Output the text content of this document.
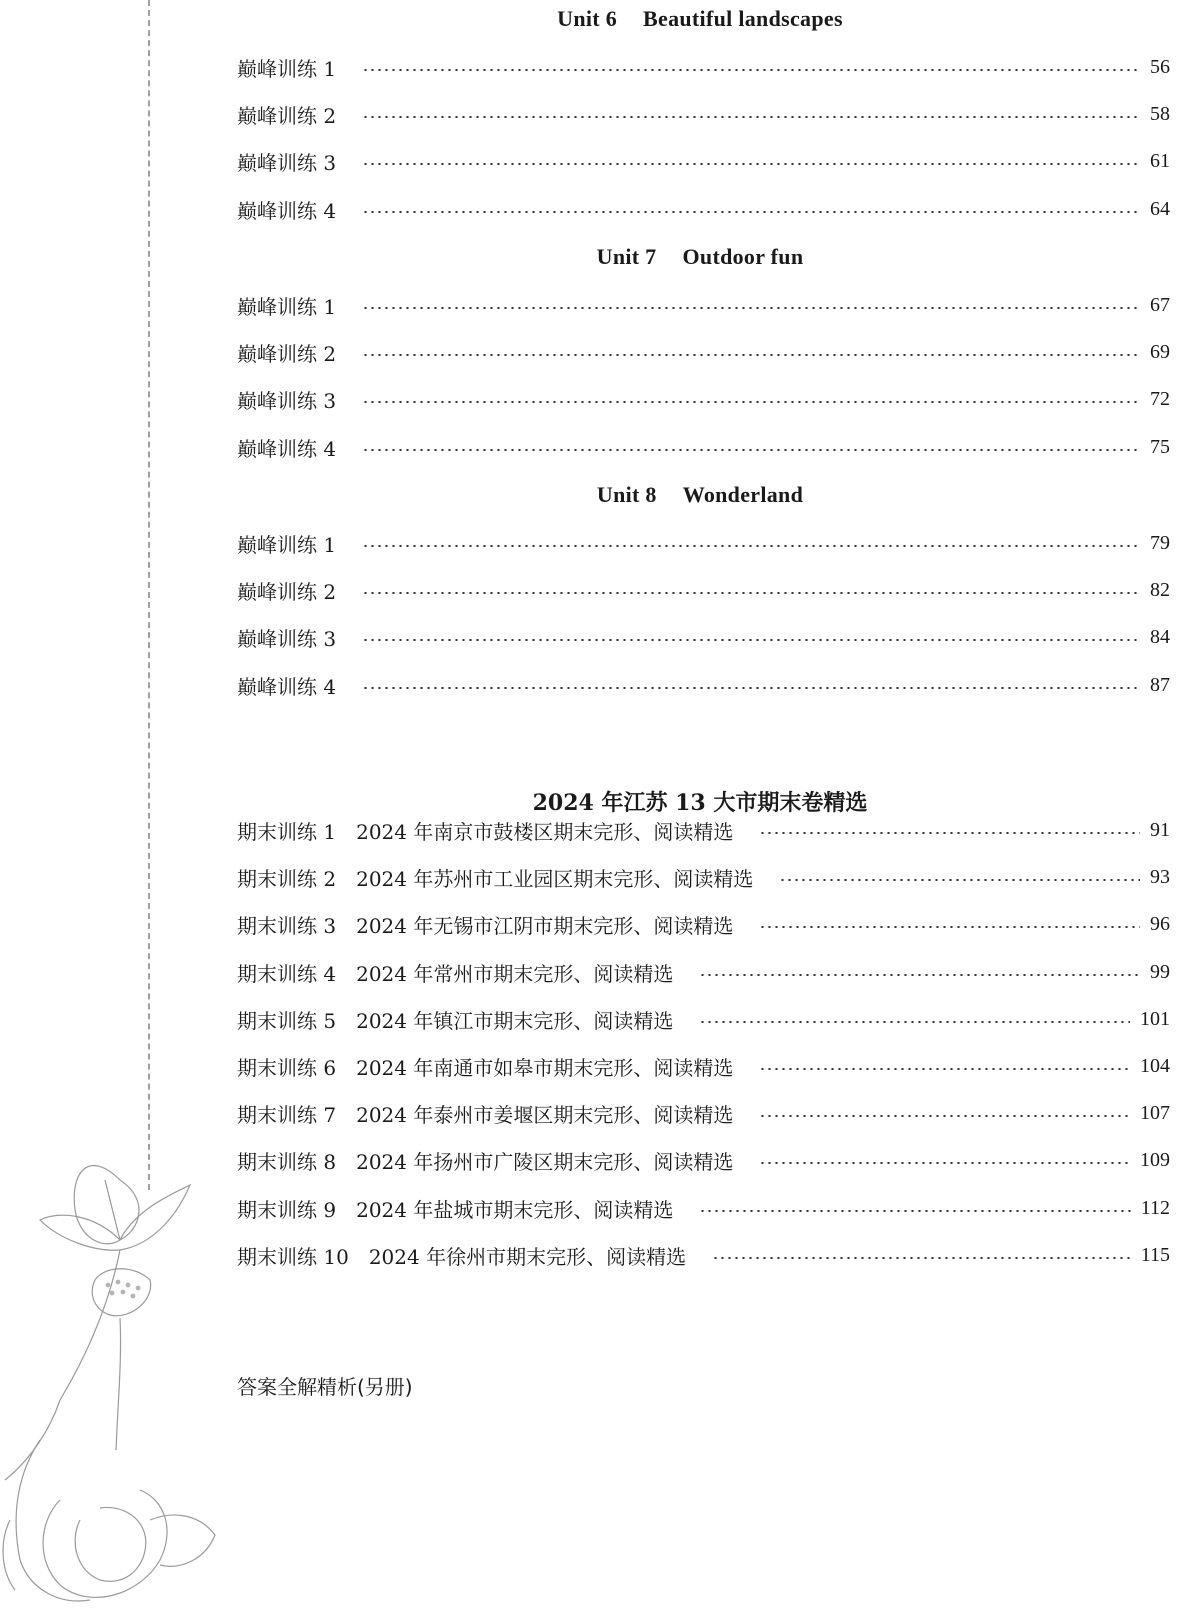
Unit 6 Beautiful landscapes
巅峰训练 1	56
巅峰训练 2	58
巅峰训练 3	61
巅峰训练 4	64
Unit 7 Outdoor fun
巅峰训练 1	67
巅峰训练 2	69
巅峰训练 3	72
巅峰训练 4	75
Unit 8 Wonderland
巅峰训练 1	79
巅峰训练 2	82
巅峰训练 3	84
巅峰训练 4	87
2024 年江苏 13 大市期末卷精选
期末训练 1 2024 年南京市鼓楼区期末完形、阅读精选	91
期末训练 2 2024 年苏州市工业园区期末完形、阅读精选	93
期末训练 3 2024 年无锡市江阴市期末完形、阅读精选	96
期末训练 4 2024 年常州市期末完形、阅读精选	99
期末训练 5 2024 年镇江市期末完形、阅读精选	101
期末训练 6 2024 年南通市如皋市期末完形、阅读精选	104
期末训练 7 2024 年泰州市姜堰区期末完形、阅读精选	107
期末训练 8 2024 年扬州市广陵区期末完形、阅读精选	109
期末训练 9 2024 年盐城市期末完形、阅读精选	112
期末训练 10 2024 年徐州市期末完形、阅读精选	115
答案全解精析(另册)
